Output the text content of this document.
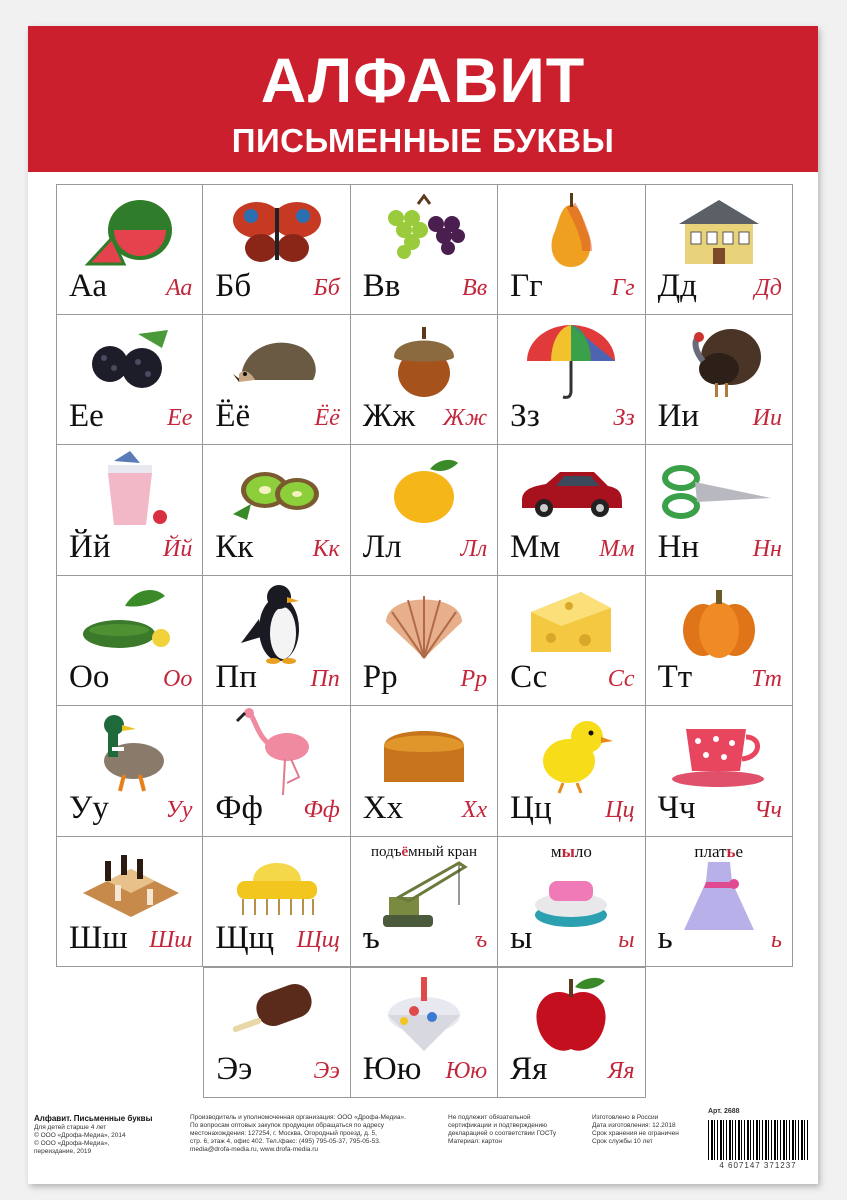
АЛФАВИТ
ПИСЬМЕННЫЕ БУКВЫ
Аа Аа Бб	Бб Вв	Вв Гг	Гг Дд Дд
Ее	Ее Ёё	Ёё Жж Жж Зз	Зз Ии Ии
Йй Йй Кк Кк Лл Лл Мм Мм Нн Нн
Оо Оо Пп Пп Рр	Рр Сс	Сс Тт Тт
Уу Уу Фф Фф Хх Хх Цц Цц Чч Чч
Шш Шш Щщ Щщ
подъёмный кран
ъ	ъ
мыло
ы	ы
платье
ь	ь
Ээ	Ээ Юю Юю Яя	Яя
Алфавит. Письменные буквы
Для детей старше 4 лет
© ООО «Дрофа-Медиа», 2014
© ООО «Дрофа-Медиа»,
переиздание, 2019
Производитель и уполномоченная организация: ООО «Дрофа-Медиа».
По вопросам оптовых закупок продукции обращаться по адресу
местонахождения: 127254, г. Москва, Огородный проезд, д. 5,
стр. 6, этаж 4, офис 402. Тел./факс: (495) 795-05-37, 795-05-53.
media@drofa-media.ru, www.drofa-media.ru
Не подлежит обязательной
сертификации и подтверждению
декларацией о соответствии ГОСТу
Материал: картон
Изготовлено в России
Дата изготовления: 12.2018
Срок хранения не ограничен
Срок службы 10 лет
Арт. 2688
4 607147 371237
